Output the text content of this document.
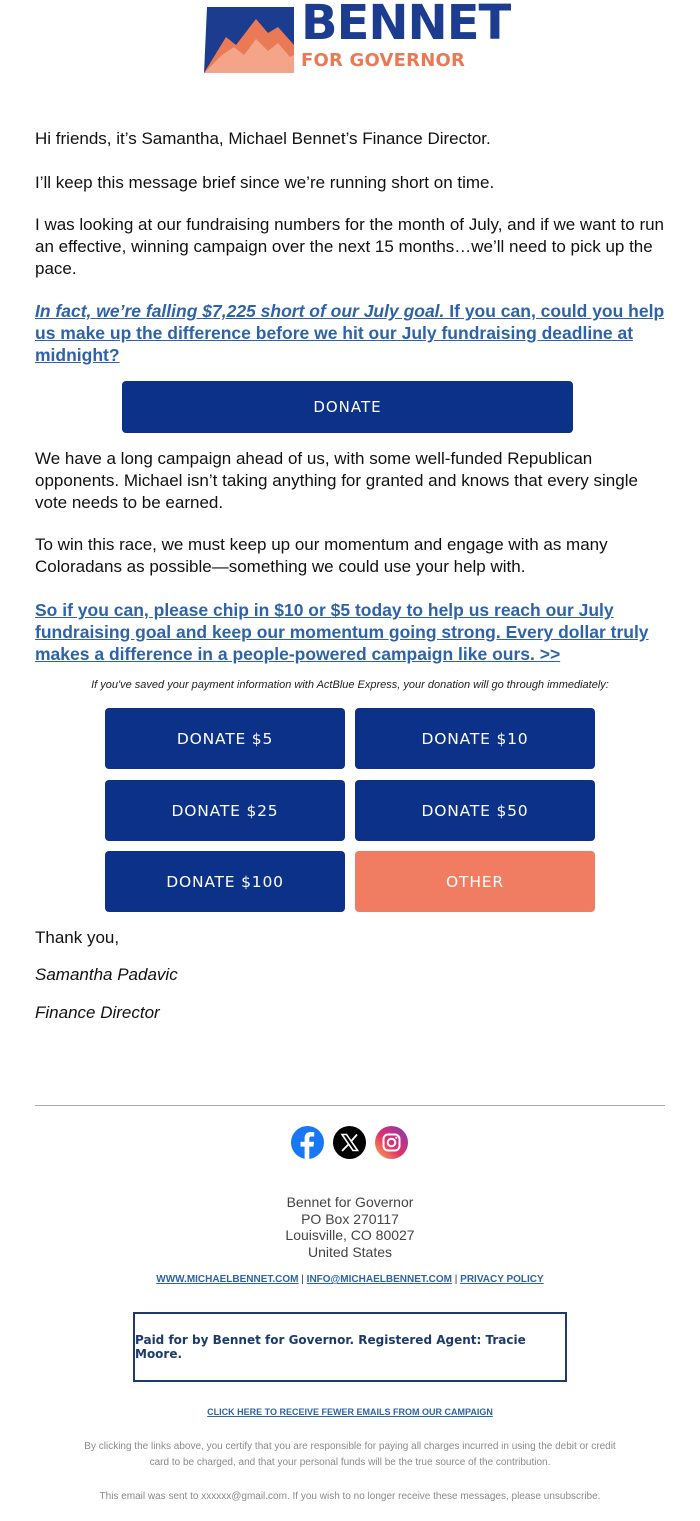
BENNET
FOR GOVERNOR

Hi friends, it’s Samantha, Michael Bennet’s Finance Director.

I’ll keep this message brief since we’re running short on time.

I was looking at our fundraising numbers for the month of July, and if we want to run an effective, winning campaign over the next 15 months…we’ll need to pick up the pace.

In fact, we’re falling $7,225 short of our July goal. If you can, could you help us make up the difference before we hit our July fundraising deadline at midnight?
DONATE

We have a long campaign ahead of us, with some well-funded Republican opponents. Michael isn’t taking anything for granted and knows that every single vote needs to be earned.

To win this race, we must keep up our momentum and engage with as many Coloradans as possible—something we could use your help with.

So if you can, please chip in $10 or $5 today to help us reach our July fundraising goal and keep our momentum going strong. Every dollar truly makes a difference in a people-powered campaign like ours. >>
If you've saved your payment information with ActBlue Express, your donation will go through immediately:
DONATE $5	DONATE $10
DONATE $25	DONATE $50
DONATE $100	OTHER

Thank you,

Samantha Padavic

Finance Director

Bennet for Governor
PO Box 270117
Louisville, CO 80027
United States
WWW.MICHAELBENNET.COM | INFO@MICHAELBENNET.COM | PRIVACY POLICY
Paid for by Bennet for Governor. Registered Agent: Tracie Moore.
CLICK HERE TO RECEIVE FEWER EMAILS FROM OUR CAMPAIGN

By clicking the links above, you certify that you are responsible for paying all charges incurred in using the debit or credit card to be charged, and that your personal funds will be the true source of the contribution.

This email was sent to xxxxxx@gmail.com. If you wish to no longer receive these messages, please unsubscribe.
